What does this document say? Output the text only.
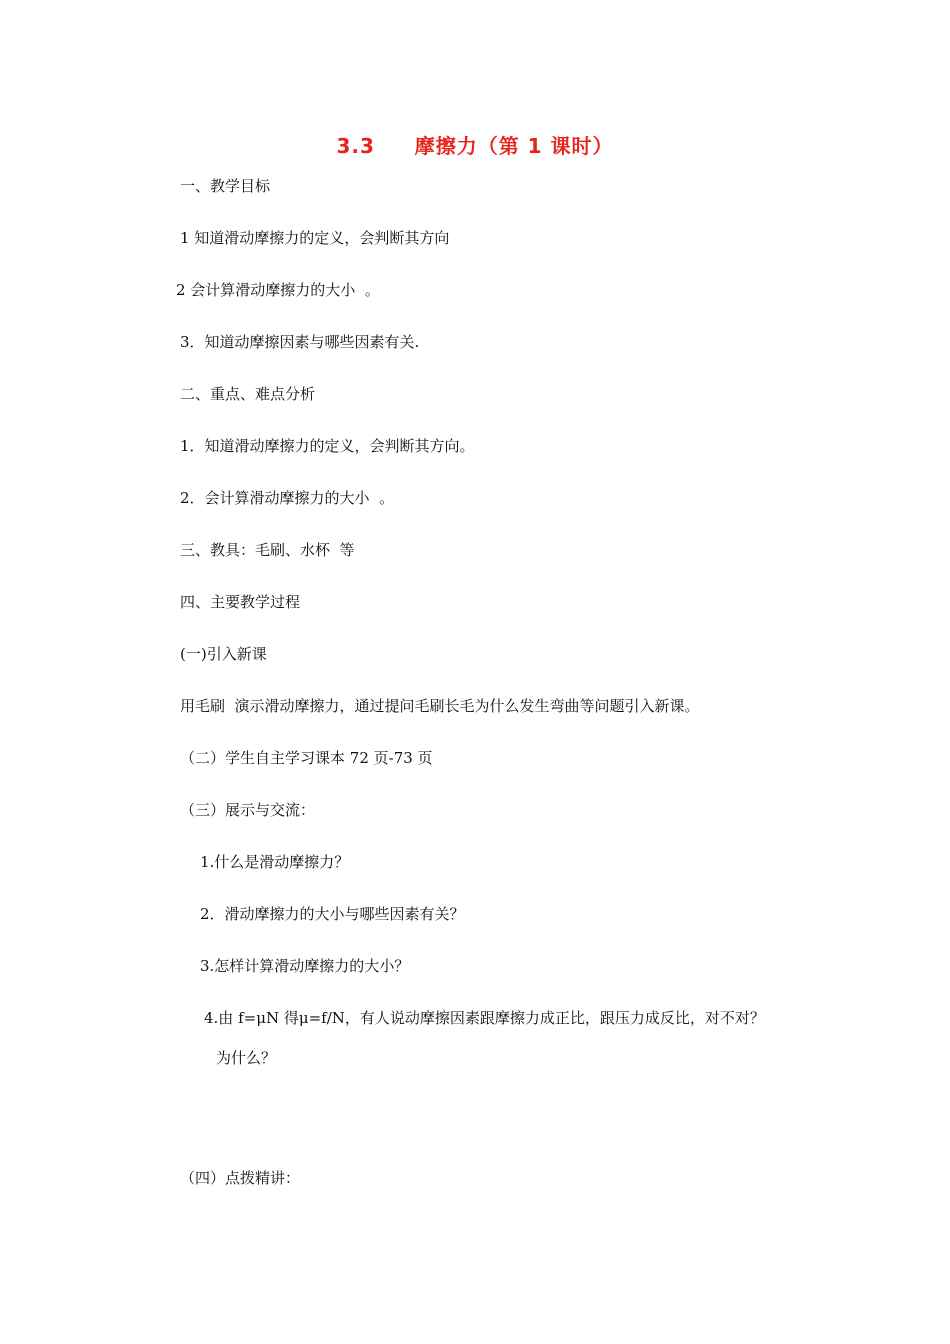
3.3     摩擦力（第 1 课时）
一、教学目标
1 知道滑动摩擦力的定义，会判断其方向
2 会计算滑动摩擦力的大小  。
3．知道动摩擦因素与哪些因素有关.
二、重点、难点分析
1．知道滑动摩擦力的定义，会判断其方向。
2．会计算滑动摩擦力的大小  。
三、教具：毛刷、水杯  等
四、主要教学过程
(一)引入新课
用毛刷  演示滑动摩擦力，通过提问毛刷长毛为什么发生弯曲等问题引入新课。
（二）学生自主学习课本 72 页-73 页
（三）展示与交流：
1.什么是滑动摩擦力？
2．滑动摩擦力的大小与哪些因素有关？
3.怎样计算滑动摩擦力的大小？
4.由 f=μN 得μ=f/N，有人说动摩擦因素跟摩擦力成正比，跟压力成反比，对不对？
为什么？
（四）点拨精讲：
